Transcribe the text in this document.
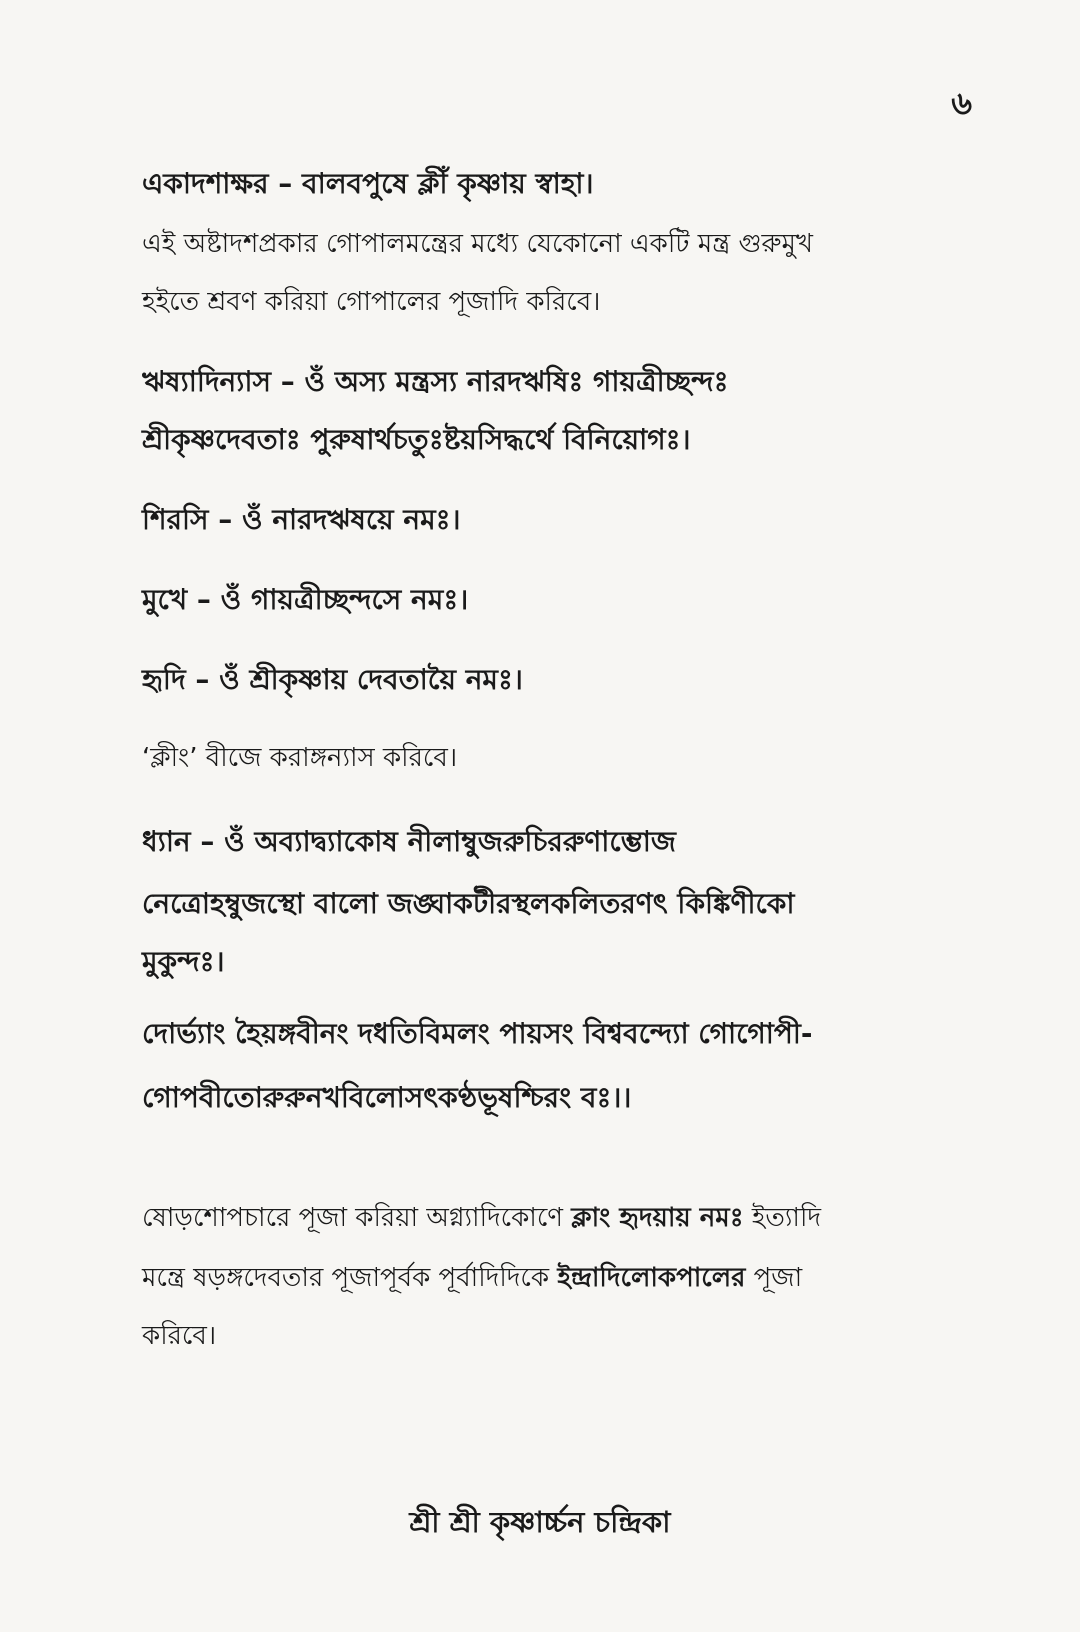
৬
একাদশাক্ষর – বালবপুষে ক্লীঁ কৃষ্ণায় স্বাহা।
এই অষ্টাদশপ্রকার গোপালমন্ত্রের মধ্যে যেকোনো একটি মন্ত্র গুরুমুখ
হইতে শ্রবণ করিয়া গোপালের পূজাদি করিবে।
ঋষ্যাদিন্যাস – ওঁ অস্য মন্ত্রস্য নারদঋষিঃ গায়ত্রীচ্ছন্দঃ
শ্রীকৃষ্ণদেবতাঃ পুরুষার্থচতুঃষ্টয়সিদ্ধর্থে বিনিয়োগঃ।
শিরসি – ওঁ নারদঋষয়ে নমঃ।
মুখে – ওঁ গায়ত্রীচ্ছন্দসে নমঃ।
হৃদি – ওঁ শ্রীকৃষ্ণায় দেবতায়ৈ নমঃ।
‘ক্লীং’ বীজে করাঙ্গন্যাস করিবে।
ধ্যান – ওঁ অব্যাদ্ব্যাকোষ নীলাম্বুজরুচিররুণাম্ভোজ
নেত্রোহম্বুজস্থো বালো জঙ্ঘাকটীরস্থলকলিতরণৎ কিঙ্কিণীকো
মুকুন্দঃ।
দোর্ভ্যাং হৈয়ঙ্গবীনং দধতিবিমলং পায়সং বিশ্ববন্দ্যো গোগোপী-
গোপবীতোরুরুনখবিলোসৎকণ্ঠভূষশ্চিরং বঃ।।
ষোড়শোপচারে পূজা করিয়া অগ্ন্যাদিকোণে ক্লাং হৃদয়ায় নমঃ ইত্যাদি
মন্ত্রে ষড়ঙ্গদেবতার পূজাপূর্বক পূর্বাদিদিকে ইন্দ্রাদিলোকপালের পূজা
করিবে।
শ্রী শ্রী কৃষ্ণার্চ্চন চন্দ্রিকা
